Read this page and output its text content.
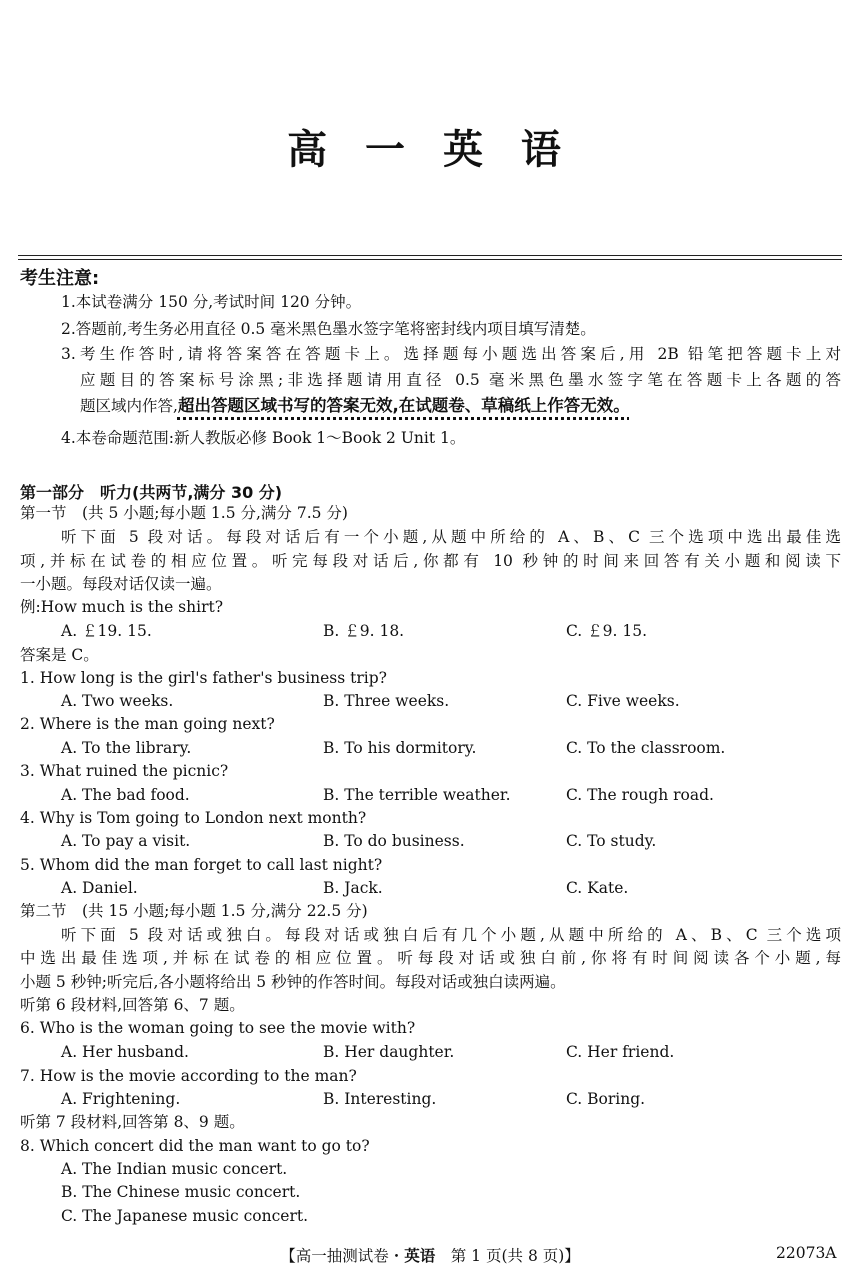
高 一 英 语
考生注意:
1.本试卷满分 150 分,考试时间 120 分钟。
2.答题前,考生务必用直径 0.5 毫米黑色墨水签字笔将密封线内项目填写清楚。
3.考生作答时,请将答案答在答题卡上。选择题每小题选出答案后,用 2B 铅笔把答题卡上对
应题目的答案标号涂黑;非选择题请用直径 0.5 毫米黑色墨水签字笔在答题卡上各题的答
题区域内作答,超出答题区域书写的答案无效,在试题卷、草稿纸上作答无效。
4.本卷命题范围:新人教版必修 Book 1～Book 2 Unit 1。
第一部分　听力(共两节,满分 30 分)
第一节　(共 5 小题;每小题 1.5 分,满分 7.5 分)
听下面 5 段对话。每段对话后有一个小题,从题中所给的 A、B、C 三个选项中选出最佳选
项,并标在试卷的相应位置。听完每段对话后,你都有 10 秒钟的时间来回答有关小题和阅读下
一小题。每段对话仅读一遍。
例:How much is the shirt?
A. ￡19. 15.	B. ￡9. 18.	C. ￡9. 15.
答案是 C。
1. How long is the girl's father's business trip?
A. Two weeks.	B. Three weeks.	C. Five weeks.
2. Where is the man going next?
A. To the library.	B. To his dormitory.	C. To the classroom.
3. What ruined the picnic?
A. The bad food.	B. The terrible weather.	C. The rough road.
4. Why is Tom going to London next month?
A. To pay a visit.	B. To do business.	C. To study.
5. Whom did the man forget to call last night?
A. Daniel.	B. Jack.	C. Kate.
第二节　(共 15 小题;每小题 1.5 分,满分 22.5 分)
听下面 5 段对话或独白。每段对话或独白后有几个小题,从题中所给的 A、B、C 三个选项
中选出最佳选项,并标在试卷的相应位置。听每段对话或独白前,你将有时间阅读各个小题,每
小题 5 秒钟;听完后,各小题将给出 5 秒钟的作答时间。每段对话或独白读两遍。
听第 6 段材料,回答第 6、7 题。
6. Who is the woman going to see the movie with?
A. Her husband.	B. Her daughter.	C. Her friend.
7. How is the movie according to the man?
A. Frightening.	B. Interesting.	C. Boring.
听第 7 段材料,回答第 8、9 题。
8. Which concert did the man want to go to?
A. The Indian music concert.
B. The Chinese music concert.
C. The Japanese music concert.
【高一抽测试卷・英语　第 1 页(共 8 页)】	22073A
